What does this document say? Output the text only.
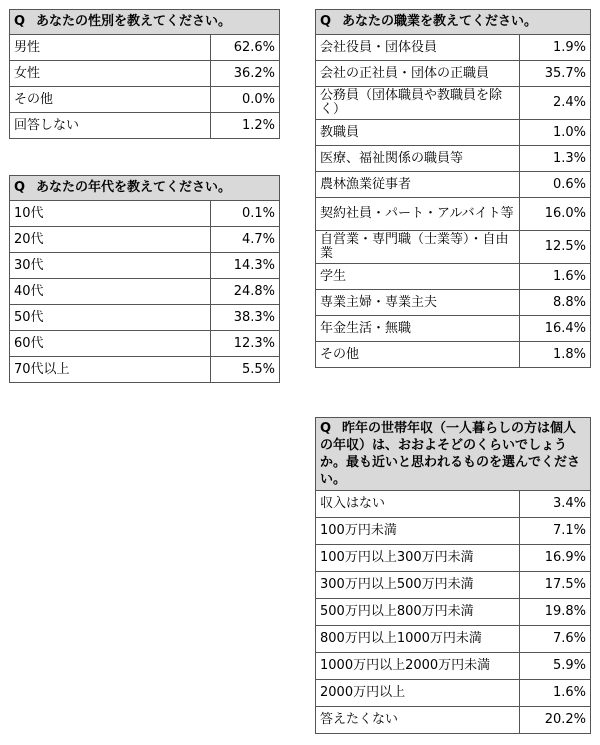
Q あなたの性別を教えてください。	
男性	62.6%
女性	36.2%
その他	0.0%
回答しない	1.2%
Q あなたの年代を教えてください。	
10代	0.1%
20代	4.7%
30代	14.3%
40代	24.8%
50代	38.3%
60代	12.3%
70代以上	5.5%
Q あなたの職業を教えてください。	
会社役員・団体役員	1.9%
会社の正社員・団体の正職員	35.7%
公務員（団体職員や教職員を除く）	2.4%
教職員	1.0%
医療、福祉関係の職員等	1.3%
農林漁業従事者	0.6%
契約社員・パート・アルバイト等	16.0%
自営業・専門職（士業等）・自由業	12.5%
学生	1.6%
専業主婦・専業主夫	8.8%
年金生活・無職	16.4%
その他	1.8%
Q 昨年の世帯年収（一人暮らしの方は個人の年収）は、おおよそどのくらいでしょうか。最も近いと思われるものを選んでください。	
収入はない	3.4%
100万円未満	7.1%
100万円以上300万円未満	16.9%
300万円以上500万円未満	17.5%
500万円以上800万円未満	19.8%
800万円以上1000万円未満	7.6%
1000万円以上2000万円未満	5.9%
2000万円以上	1.6%
答えたくない	20.2%
